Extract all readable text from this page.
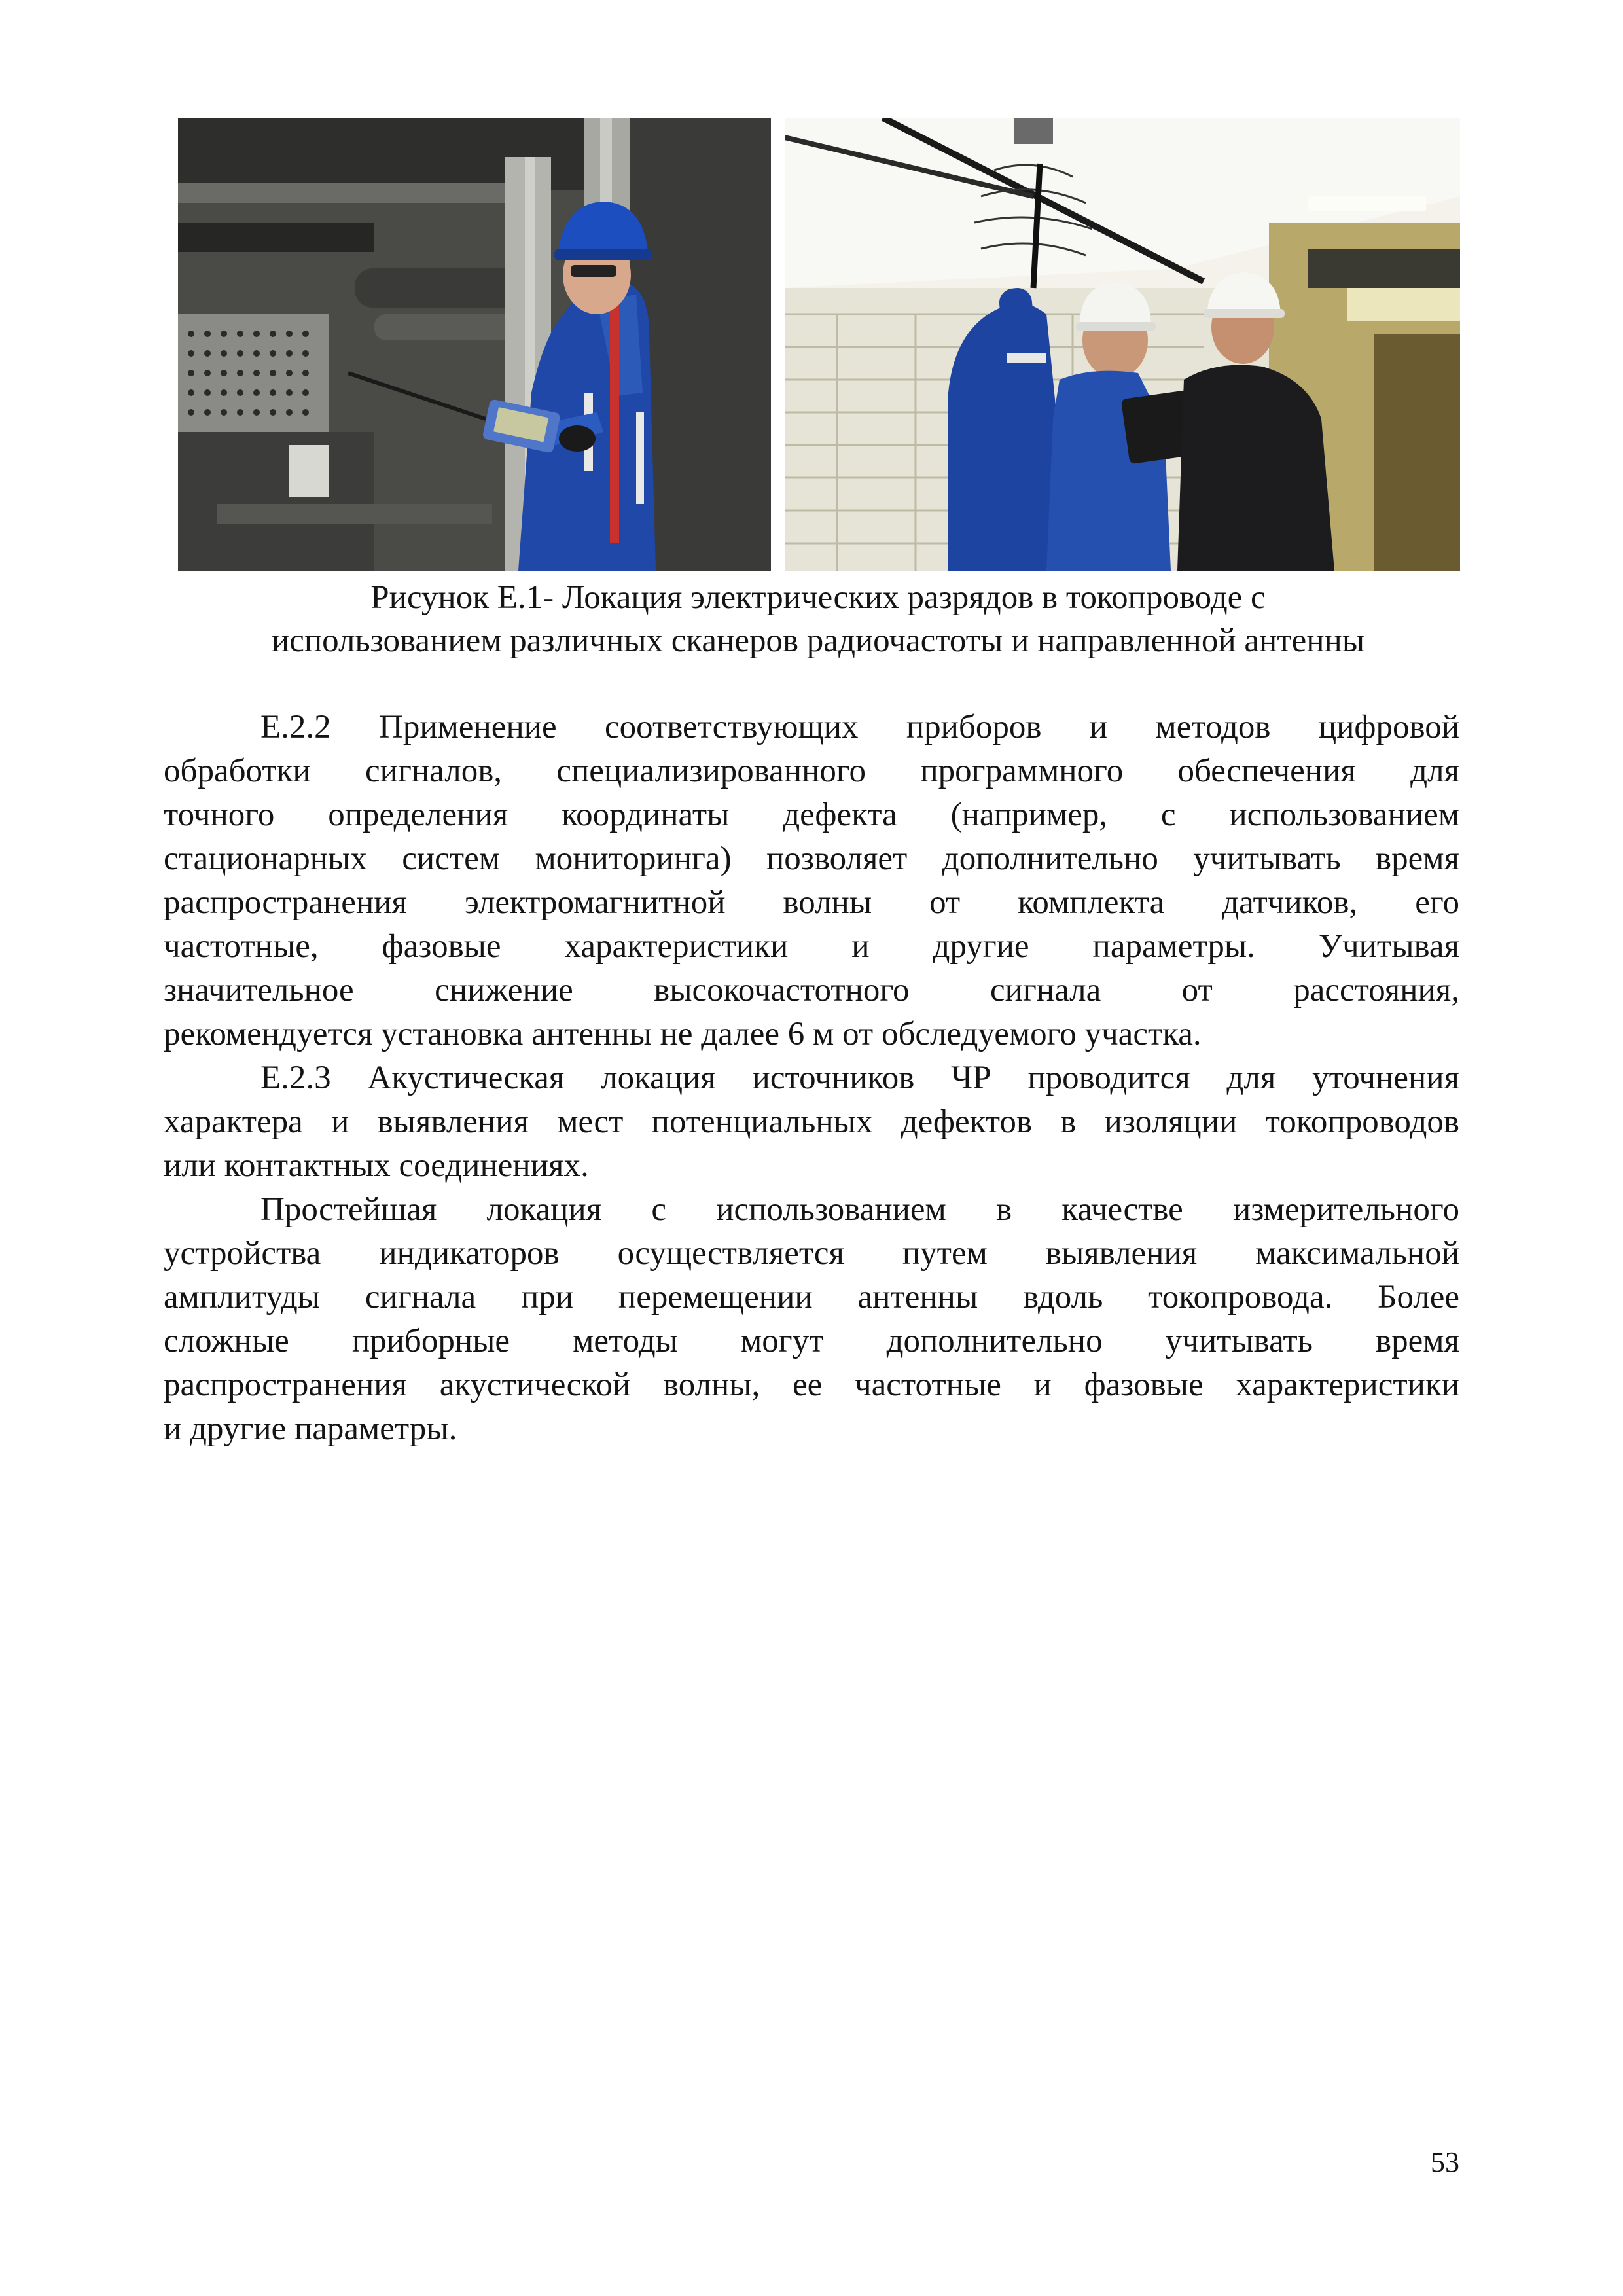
Рисунок Е.1- Локация электрических разрядов в токопроводе с
использованием различных сканеров радиочастоты и направленной антенны
Е.2.2 Применение соответствующих приборов и методов цифровой
обработки сигналов, специализированного программного обеспечения для
точного определения координаты дефекта (например, с использованием
стационарных систем мониторинга) позволяет дополнительно учитывать время
распространения электромагнитной волны от комплекта датчиков, его
частотные, фазовые характеристики и другие параметры. Учитывая
значительное снижение высокочастотного сигнала от расстояния,
рекомендуется установка антенны не далее 6 м от обследуемого участка.
Е.2.3 Акустическая локация источников ЧР проводится для уточнения
характера и выявления мест потенциальных дефектов в изоляции токопроводов
или контактных соединениях.
Простейшая локация с использованием в качестве измерительного
устройства индикаторов осуществляется путем выявления максимальной
амплитуды сигнала при перемещении антенны вдоль токопровода. Более
сложные приборные методы могут дополнительно учитывать время
распространения акустической волны, ее частотные и фазовые характеристики
и другие параметры.
53
